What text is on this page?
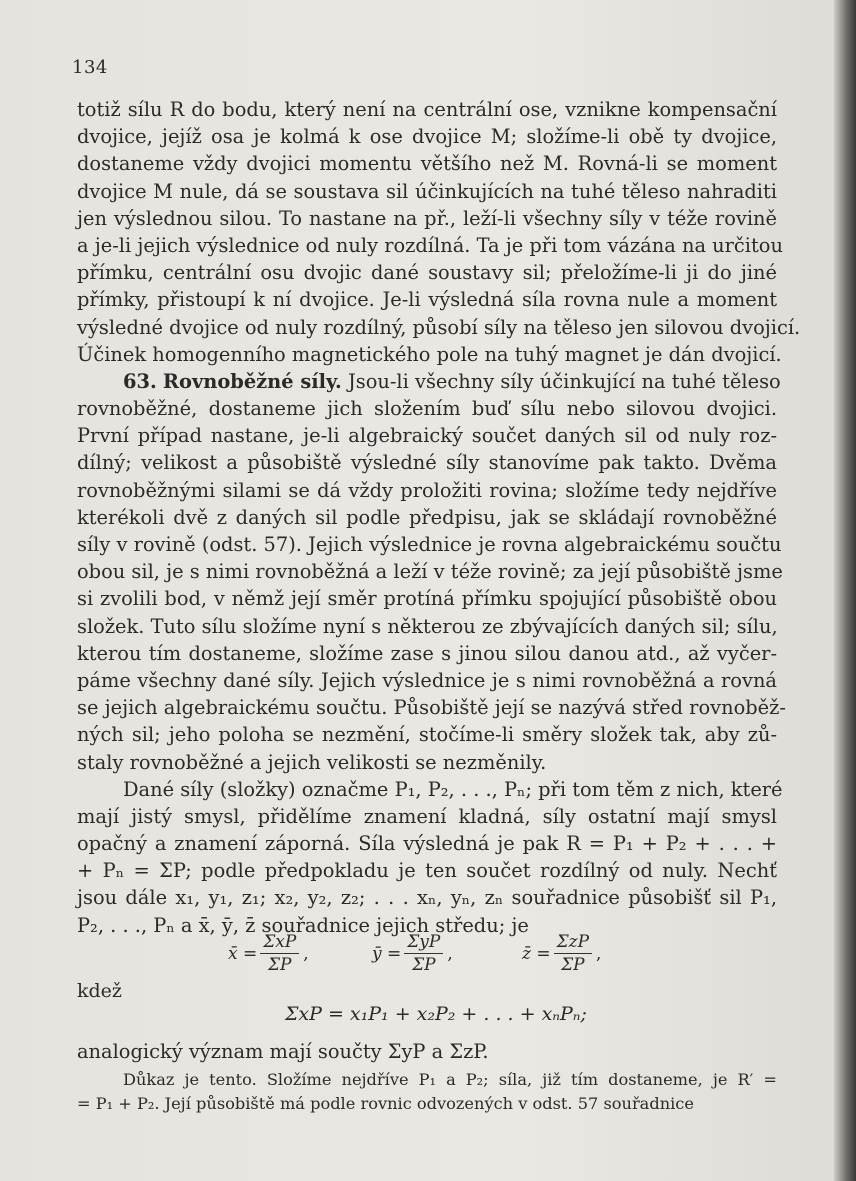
134
totiž sílu R do bodu, který není na centrální ose, vznikne kompensační
dvojice, jejíž osa je kolmá k ose dvojice M; složíme-li obě ty dvojice,
dostaneme vždy dvojici momentu většího než M. Rovná-li se moment
dvojice M nule, dá se soustava sil účinkujících na tuhé těleso nahraditi
jen výslednou silou. To nastane na př., leží-li všechny síly v téže rovině
a je-li jejich výslednice od nuly rozdílná. Ta je při tom vázána na určitou
přímku, centrální osu dvojic dané soustavy sil; přeložíme-li ji do jiné
přímky, přistoupí k ní dvojice. Je-li výsledná síla rovna nule a moment
výsledné dvojice od nuly rozdílný, působí síly na těleso jen silovou dvojicí.
Účinek homogenního magnetického pole na tuhý magnet je dán dvojicí.
63. Rovnoběžné síly. Jsou-li všechny síly účinkující na tuhé těleso
rovnoběžné, dostaneme jich složením buď sílu nebo silovou dvojici.
První případ nastane, je-li algebraický součet daných sil od nuly roz-
dílný; velikost a působiště výsledné síly stanovíme pak takto. Dvěma
rovnoběžnými silami se dá vždy proložiti rovina; složíme tedy nejdříve
kterékoli dvě z daných sil podle předpisu, jak se skládají rovnoběžné
síly v rovině (odst. 57). Jejich výslednice je rovna algebraickému součtu
obou sil, je s nimi rovnoběžná a leží v téže rovině; za její působiště jsme
si zvolili bod, v němž její směr protíná přímku spojující působiště obou
složek. Tuto sílu složíme nyní s některou ze zbývajících daných sil; sílu,
kterou tím dostaneme, složíme zase s jinou silou danou atd., až vyčer-
páme všechny dané síly. Jejich výslednice je s nimi rovnoběžná a rovná
se jejich algebraickému součtu. Působiště její se nazývá střed rovnoběž-
ných sil; jeho poloha se nezmění, stočíme-li směry složek tak, aby zů-
staly rovnoběžné a jejich velikosti se nezměnily.
Dané síly (složky) označme P₁, P₂, . . ., Pₙ; při tom těm z nich, které
mají jistý smysl, přidělíme znamení kladná, síly ostatní mají smysl
opačný a znamení záporná. Síla výsledná je pak R = P₁ + P₂ + . . . +
+ Pₙ = ΣP; podle předpokladu je ten součet rozdílný od nuly. Nechť
jsou dále x₁, y₁, z₁; x₂, y₂, z₂; . . . xₙ, yₙ, zₙ souřadnice působišť sil P₁,
P₂, . . ., Pₙ a x̄, ȳ, z̄ souřadnice jejich středu; je
x̄ = $\frac{\text{ΣxP}}{\Sigma P}$ ,	ȳ = $\frac{\text{ΣyP}}{\Sigma P}$ ,	z̄ = $\frac{\text{ΣzP}}{\Sigma P}$ ,
kdež
ΣxP = x₁P₁ + x₂P₂ + . . . + xₙPₙ;
analogický význam mají součty ΣyP a ΣzP.
Důkaz je tento. Složíme nejdříve P₁ a P₂; síla, již tím dostaneme, je R′ =
= P₁ + P₂. Její působiště má podle rovnic odvozených v odst. 57 souřadnice
